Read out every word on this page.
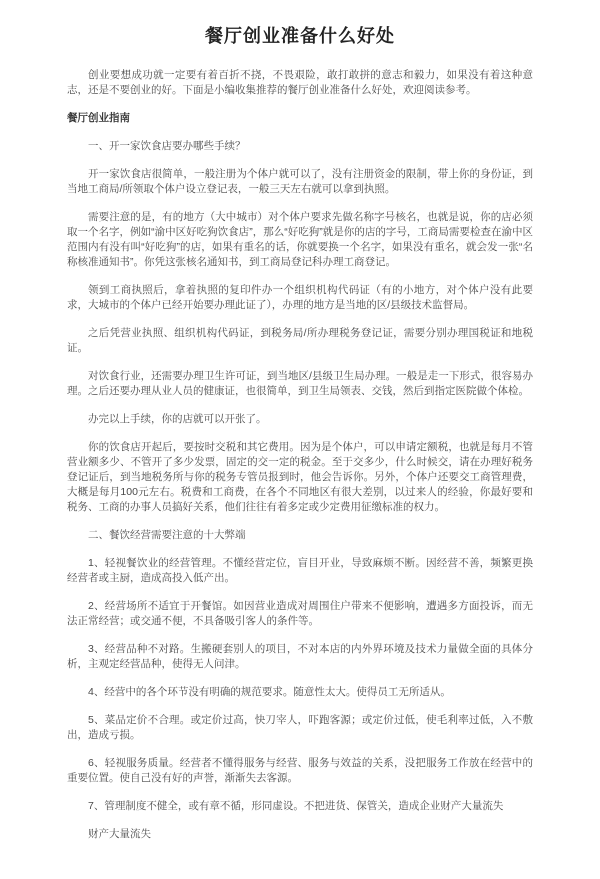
餐厅创业准备什么好处

创业要想成功就一定要有着百折不挠，不畏艰险，敢打敢拼的意志和毅力，如果没有着这种意志，还是不要创业的好。下面是小编收集推荐的餐厅创业准备什么好处，欢迎阅读参考。

餐厅创业指南

一、开一家饮食店要办哪些手续？

开一家饮食店很简单，一般注册为个体户就可以了，没有注册资金的限制，带上你的身份证，到当地工商局/所领取个体户设立登记表，一般三天左右就可以拿到执照。

需要注意的是，有的地方（大中城市）对个体户要求先做名称字号核名，也就是说，你的店必须取一个名字，例如“渝中区好吃狗饮食店”，那么“好吃狗”就是你的店的字号，工商局需要检查在渝中区范围内有没有叫“好吃狗”的店，如果有重名的话，你就要换一个名字，如果没有重名，就会发一张“名称核准通知书”。你凭这张核名通知书，到工商局登记科办理工商登记。

领到工商执照后，拿着执照的复印件办一个组织机构代码证（有的小地方，对个体户没有此要求，大城市的个体户已经开始要办理此证了），办理的地方是当地的区/县级技术监督局。

之后凭营业执照、组织机构代码证，到税务局/所办理税务登记证，需要分别办理国税证和地税证。

对饮食行业，还需要办理卫生许可证，到当地区/县级卫生局办理。一般是走一下形式，很容易办理。之后还要办理从业人员的健康证，也很简单，到卫生局领表、交钱，然后到指定医院做个体检。

办完以上手续，你的店就可以开张了。

你的饮食店开起后，要按时交税和其它费用。因为是个体户，可以申请定额税，也就是每月不管营业额多少、不管开了多少发票，固定的交一定的税金。至于交多少，什么时候交，请在办理好税务登记证后，到当地税务所与你的税务专管员报到时，他会告诉你。另外，个体户还要交工商管理费，大概是每月100元左右。税费和工商费，在各个不同地区有很大差别，以过来人的经验，你最好要和税务、工商的办事人员搞好关系，他们往往有着多定或少定费用征缴标准的权力。

二、餐饮经营需要注意的十大弊端

1、轻视餐饮业的经营管理。不懂经营定位，盲目开业，导致麻烦不断。因经营不善，频繁更换经营者或主厨，造成高投入低产出。

2、经营场所不适宜于开餐馆。如因营业造成对周围住户带来不便影响，遭遇多方面投诉，而无法正常经营；或交通不便，不具备吸引客人的条件等。

3、经营品种不对路。生搬硬套别人的项目，不对本店的内外界环境及技术力量做全面的具体分析，主观定经营品种，使得无人问津。

4、经营中的各个环节没有明确的规范要求。随意性太大。使得员工无所适从。

5、菜品定价不合理。或定价过高，快刀宰人，吓跑客源；或定价过低，使毛利率过低，入不敷出，造成亏损。

6、轻视服务质量。经营者不懂得服务与经营、服务与效益的关系，没把服务工作放在经营中的重要位置。使自己没有好的声誉，渐渐失去客源。

7、管理制度不健全，或有章不循，形同虚设。不把进货、保管关，造成企业财产大量流失

财产大量流失
